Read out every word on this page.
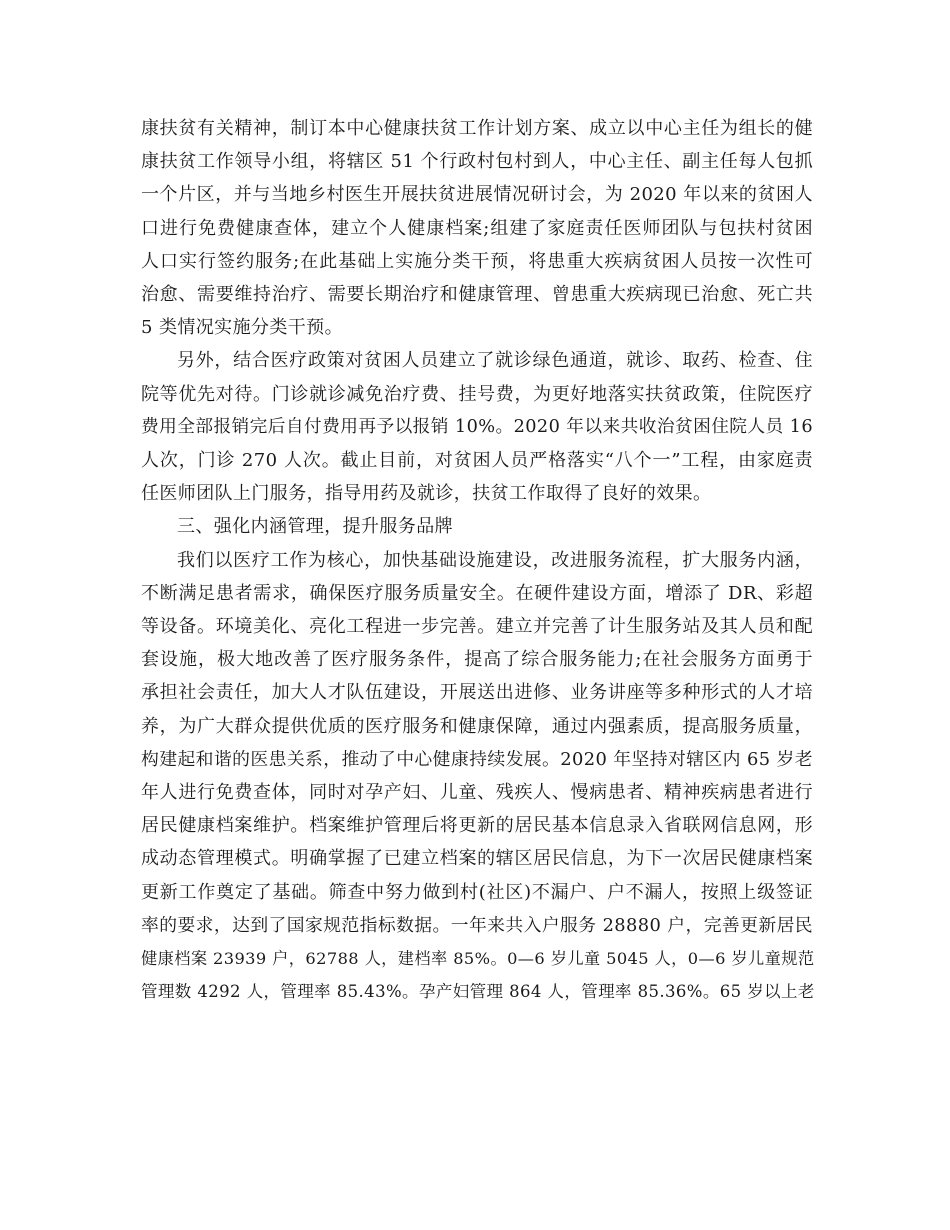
康扶贫有关精神，制订本中心健康扶贫工作计划方案、成立以中心主任为组长的健
康扶贫工作领导小组，将辖区 51 个行政村包村到人，中心主任、副主任每人包抓
一个片区，并与当地乡村医生开展扶贫进展情况研讨会，为 2020 年以来的贫困人
口进行免费健康查体，建立个人健康档案;组建了家庭责任医师团队与包扶村贫困
人口实行签约服务;在此基础上实施分类干预，将患重大疾病贫困人员按一次性可
治愈、需要维持治疗、需要长期治疗和健康管理、曾患重大疾病现已治愈、死亡共
5 类情况实施分类干预。

另外，结合医疗政策对贫困人员建立了就诊绿色通道，就诊、取药、检查、住
院等优先对待。门诊就诊减免治疗费、挂号费，为更好地落实扶贫政策，住院医疗
费用全部报销完后自付费用再予以报销 10%。2020 年以来共收治贫困住院人员 16
人次，门诊 270 人次。截止目前，对贫困人员严格落实“八个一”工程，由家庭责
任医师团队上门服务，指导用药及就诊，扶贫工作取得了良好的效果。

三、强化内涵管理，提升服务品牌

我们以医疗工作为核心，加快基础设施建设，改进服务流程，扩大服务内涵，
不断满足患者需求，确保医疗服务质量安全。在硬件建设方面，增添了 DR、彩超
等设备。环境美化、亮化工程进一步完善。建立并完善了计生服务站及其人员和配
套设施，极大地改善了医疗服务条件，提高了综合服务能力;在社会服务方面勇于
承担社会责任，加大人才队伍建设，开展送出进修、业务讲座等多种形式的人才培
养，为广大群众提供优质的医疗服务和健康保障，通过内强素质，提高服务质量，
构建起和谐的医患关系，推动了中心健康持续发展。2020 年坚持对辖区内 65 岁老
年人进行免费查体，同时对孕产妇、儿童、残疾人、慢病患者、精神疾病患者进行
居民健康档案维护。档案维护管理后将更新的居民基本信息录入省联网信息网，形
成动态管理模式。明确掌握了已建立档案的辖区居民信息，为下一次居民健康档案
更新工作奠定了基础。筛查中努力做到村(社区)不漏户、户不漏人，按照上级签证
率的要求，达到了国家规范指标数据。一年来共入户服务 28880 户，完善更新居民
健康档案 23939 户，62788 人，建档率 85%。0—6 岁儿童 5045 人，0—6 岁儿童规范
管理数 4292 人，管理率 85.43%。孕产妇管理 864 人，管理率 85.36%。65 岁以上老
